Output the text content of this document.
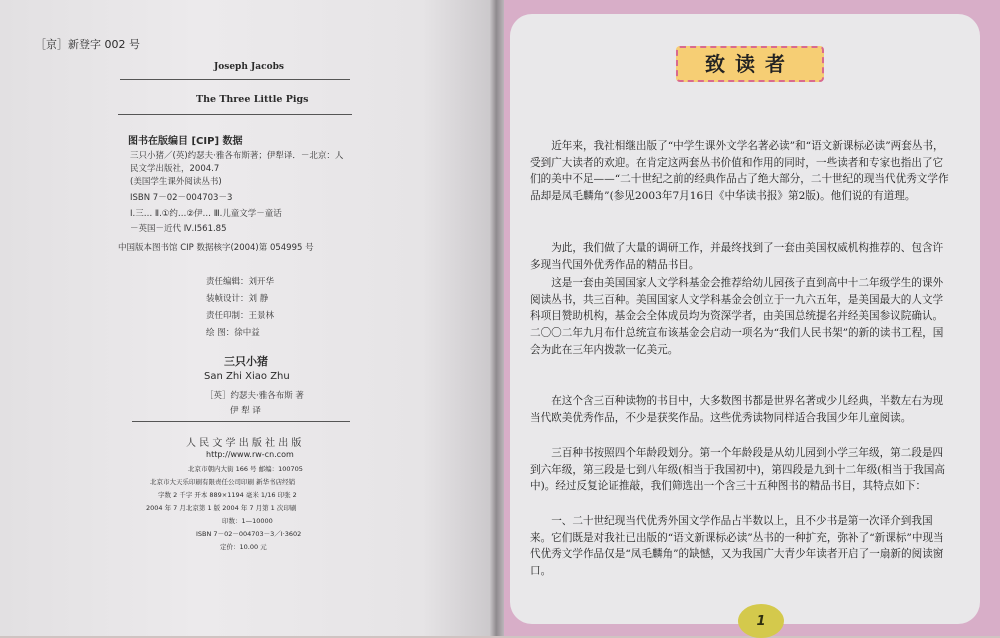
［京］新登字 002 号
Joseph Jacobs
The Three Little Pigs
图书在版编目 [CIP] 数据
三只小猪／(英)约瑟夫·雅各布斯著；伊犁译．－北京：人
民文学出版社，2004.7
(美国学生课外阅读丛书)
ISBN 7－02－004703－3
Ⅰ.三… Ⅱ.①约…②伊… Ⅲ.儿童文学－童话
－英国－近代 Ⅳ.I561.85
中国版本图书馆 CIP 数据核字(2004)第 054995 号
责任编辑：刘开华
装帧设计：刘 静
责任印制：王景林
绘 图：徐中益
三只小猪
San Zhi Xiao Zhu
［英］约瑟夫·雅各布斯 著
伊 犁 译
人 民 文 学 出 版 社 出 版
http://www.rw-cn.com
北京市朝内大街 166 号 邮编：100705
北京市大天乐印刷有限责任公司印刷 新华书店经销
字数 2 千字 开本 889×1194 毫米 1/16 印张 2
2004 年 7 月北京第 1 版 2004 年 7 月第 1 次印刷
印数：1—10000
ISBN 7－02－004703－3／I·3602
定价：10.00 元
致读者

近年来，我社相继出版了“中学生课外文学名著必读”和“语文新课标必读”两套丛书，受到广大读者的欢迎。在肯定这两套丛书价值和作用的同时，一些读者和专家也指出了它们的美中不足——“二十世纪之前的经典作品占了绝大部分，二十世纪的现当代优秀文学作品却是凤毛麟角”(参见2003年7月16日《中华读书报》第2版)。他们说的有道理。

为此，我们做了大量的调研工作，并最终找到了一套由美国权威机构推荐的、包含许多现当代国外优秀作品的精品书目。

这是一套由美国国家人文学科基金会推荐给幼儿园孩子直到高中十二年级学生的课外阅读丛书，共三百种。美国国家人文学科基金会创立于一九六五年，是美国最大的人文学科项目赞助机构，基金会全体成员均为资深学者，由美国总统提名并经美国参议院确认。二〇〇二年九月布什总统宣布该基金会启动一项名为“我们人民书架”的新的读书工程，国会为此在三年内拨款一亿美元。

在这个含三百种读物的书目中，大多数图书都是世界名著或少儿经典，半数左右为现当代欧美优秀作品，不少是获奖作品。这些优秀读物同样适合我国少年儿童阅读。

三百种书按照四个年龄段划分。第一个年龄段是从幼儿园到小学三年级，第二段是四到六年级，第三段是七到八年级(相当于我国初中)，第四段是九到十二年级(相当于我国高中)。经过反复论证推敲，我们筛选出一个含三十五种图书的精品书目，其特点如下：

一、二十世纪现当代优秀外国文学作品占半数以上，且不少书是第一次译介到我国来。它们既是对我社已出版的“语文新课标必读”丛书的一种扩充，弥补了“新课标”中现当代优秀文学作品仅是“凤毛麟角”的缺憾，又为我国广大青少年读者开启了一扇新的阅读窗口。

1
